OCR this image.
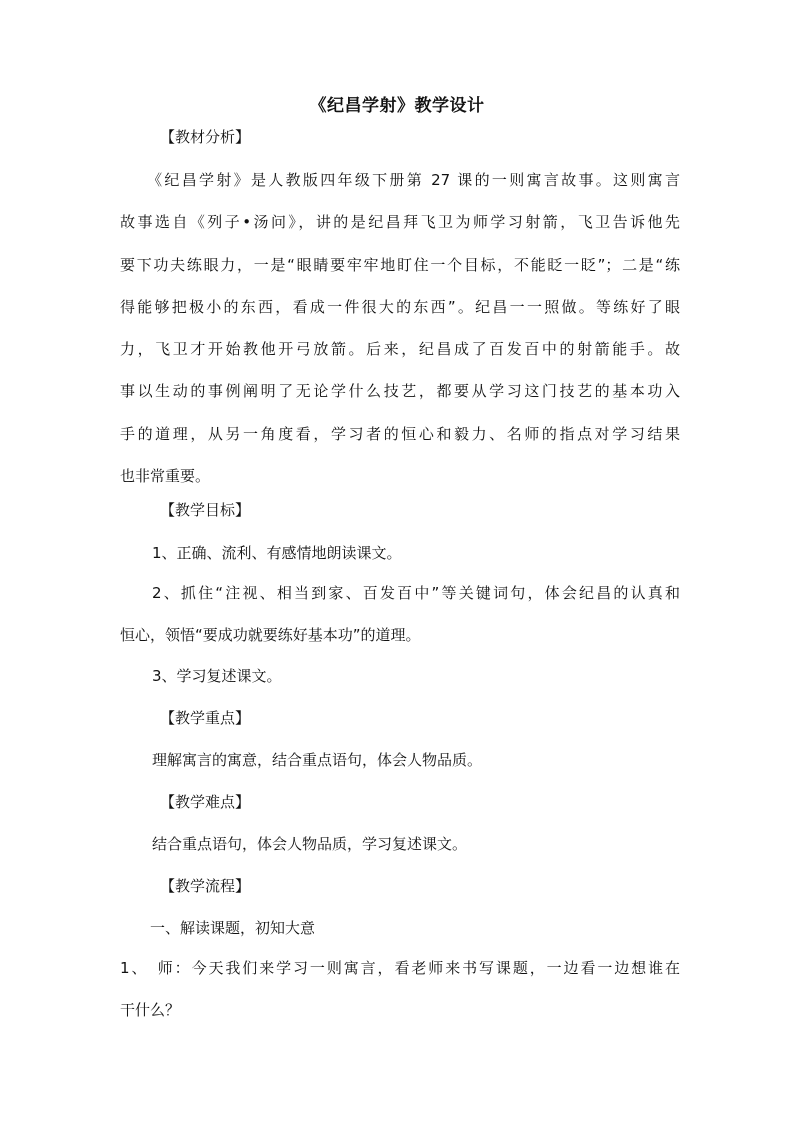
《纪昌学射》教学设计
【教材分析】
　　《纪昌学射》是人教版四年级下册第 27 课的一则寓言故事。这则寓言
故事选自《列子•汤问》，讲的是纪昌拜飞卫为师学习射箭，飞卫告诉他先
要下功夫练眼力，一是“眼睛要牢牢地盯住一个目标，不能眨一眨”；二是“练
得能够把极小的东西，看成一件很大的东西”。纪昌一一照做。等练好了眼
力，飞卫才开始教他开弓放箭。后来，纪昌成了百发百中的射箭能手。故
事以生动的事例阐明了无论学什么技艺，都要从学习这门技艺的基本功入
手的道理，从另一角度看，学习者的恒心和毅力、名师的指点对学习结果
也非常重要。
【教学目标】
1、正确、流利、有感情地朗读课文。
2、抓住“注视、相当到家、百发百中”等关键词句，体会纪昌的认真和
恒心，领悟“要成功就要练好基本功”的道理。
3、学习复述课文。
【教学重点】
理解寓言的寓意，结合重点语句，体会人物品质。
【教学难点】
结合重点语句，体会人物品质，学习复述课文。
【教学流程】
一、解读课题，初知大意
1、　师：今天我们来学习一则寓言，看老师来书写课题，一边看一边想谁在
干什么？
